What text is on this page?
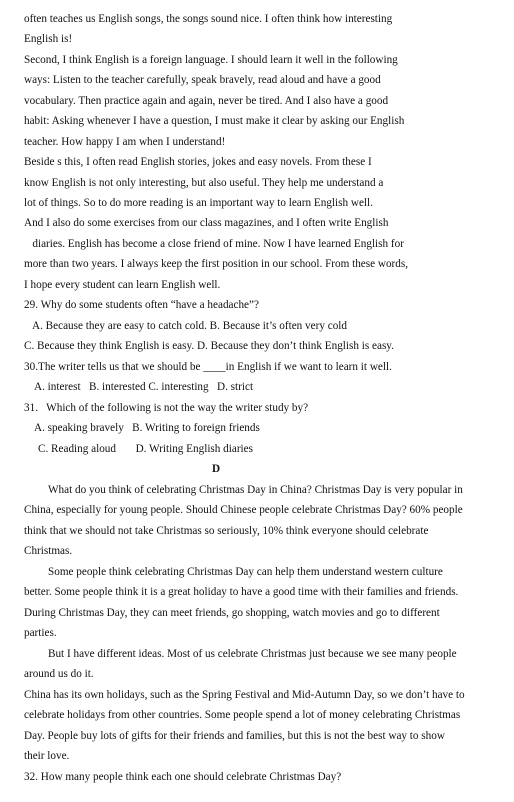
often teaches us English songs, the songs sound nice. I often think how interesting
English is!
Second, I think English is a foreign language. I should learn it well in the following
ways: Listen to the teacher carefully, speak bravely, read aloud and have a good
vocabulary. Then practice again and again, never be tired. And I also have a good
habit: Asking whenever I have a question, I must make it clear by asking our English
teacher. How happy I am when I understand!
Beside s this, I often read English stories, jokes and easy novels. From these I
know English is not only interesting, but also useful. They help me understand a
lot of things. So to do more reading is an important way to learn English well.
And I also do some exercises from our class magazines, and I often write English
diaries. English has become a close friend of mine. Now I have learned English for
more than two years. I always keep the first position in our school. From these words,
I hope every student can learn English well.
29. Why do some students often “have a headache”?
A. Because they are easy to catch cold. B. Because it’s often very cold
C. Because they think English is easy. D. Because they don’t think English is easy.
30.The writer tells us that we should be ____in English if we want to learn it well.
A. interest   B. interested C. interesting   D. strict
31.   Which of the following is not the way the writer study by?
A. speaking bravely   B. Writing to foreign friends
C. Reading aloud       D. Writing English diaries
D
What do you think of celebrating Christmas Day in China? Christmas Day is very popular in
China, especially for young people. Should Chinese people celebrate Christmas Day? 60% people
think that we should not take Christmas so seriously, 10% think everyone should celebrate
Christmas.
Some people think celebrating Christmas Day can help them understand western culture
better. Some people think it is a great holiday to have a good time with their families and friends.
During Christmas Day, they can meet friends, go shopping, watch movies and go to different
parties.
But I have different ideas. Most of us celebrate Christmas just because we see many people
around us do it.
China has its own holidays, such as the Spring Festival and Mid-Autumn Day, so we don’t have to
celebrate holidays from other countries. Some people spend a lot of money celebrating Christmas
Day. People buy lots of gifts for their friends and families, but this is not the best way to show
their love.
32. How many people think each one should celebrate Christmas Day?
